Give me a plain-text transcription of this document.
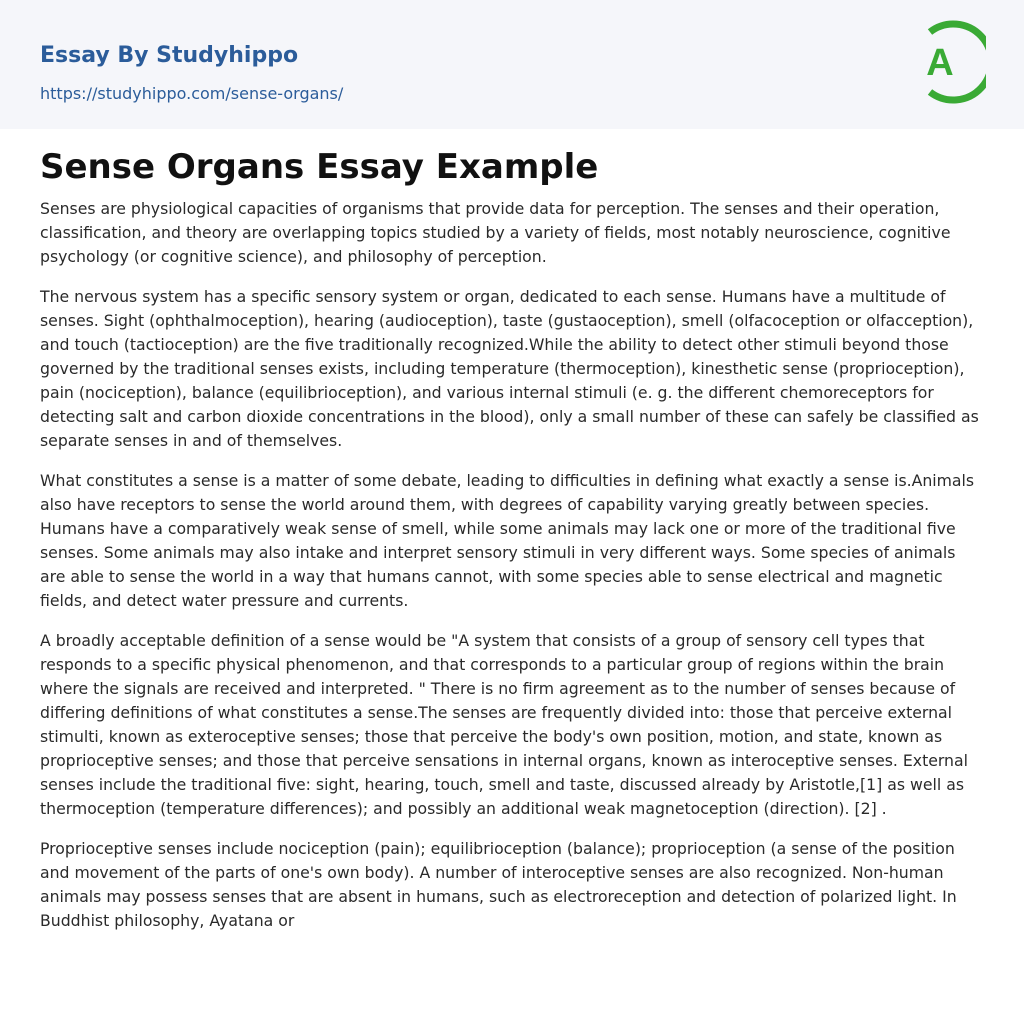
Essay By Studyhippo
https://studyhippo.com/sense-organs/
A
Sense Organs Essay Example

Senses are physiological capacities of organisms that provide data for perception. The senses and their operation, classification, and theory are overlapping topics studied by a variety of fields, most notably neuroscience, cognitive psychology (or cognitive science), and philosophy of perception.

The nervous system has a specific sensory system or organ, dedicated to each sense. Humans have a multitude of senses. Sight (ophthalmoception), hearing (audioception), taste (gustaoception), smell (olfacoception or olfacception), and touch (tactioception) are the five traditionally recognized.While the ability to detect other stimuli beyond those governed by the traditional senses exists, including temperature (thermoception), kinesthetic sense (proprioception), pain (nociception), balance (equilibrioception), and various internal stimuli (e. g. the different chemoreceptors for detecting salt and carbon dioxide concentrations in the blood), only a small number of these can safely be classified as separate senses in and of themselves.

What constitutes a sense is a matter of some debate, leading to difficulties in defining what exactly a sense is.Animals also have receptors to sense the world around them, with degrees of capability varying greatly between species. Humans have a comparatively weak sense of smell, while some animals may lack one or more of the traditional five senses. Some animals may also intake and interpret sensory stimuli in very different ways. Some species of animals are able to sense the world in a way that humans cannot, with some species able to sense electrical and magnetic fields, and detect water pressure and currents.

A broadly acceptable definition of a sense would be "A system that consists of a group of sensory cell types that responds to a specific physical phenomenon, and that corresponds to a particular group of regions within the brain where the signals are received and interpreted. " There is no firm agreement as to the number of senses because of differing definitions of what constitutes a sense.The senses are frequently divided into: those that perceive external stimulti, known as exteroceptive senses; those that perceive the body's own position, motion, and state, known as proprioceptive senses; and those that perceive sensations in internal organs, known as interoceptive senses. External senses include the traditional five: sight, hearing, touch, smell and taste, discussed already by Aristotle,[1] as well as thermoception (temperature differences); and possibly an additional weak magnetoception (direction). [2] .

Proprioceptive senses include nociception (pain); equilibrioception (balance); proprioception (a sense of the position and movement of the parts of one's own body). A number of interoceptive senses are also recognized. Non-human animals may possess senses that are absent in humans, such as electroreception and detection of polarized light. In Buddhist philosophy, Ayatana or
